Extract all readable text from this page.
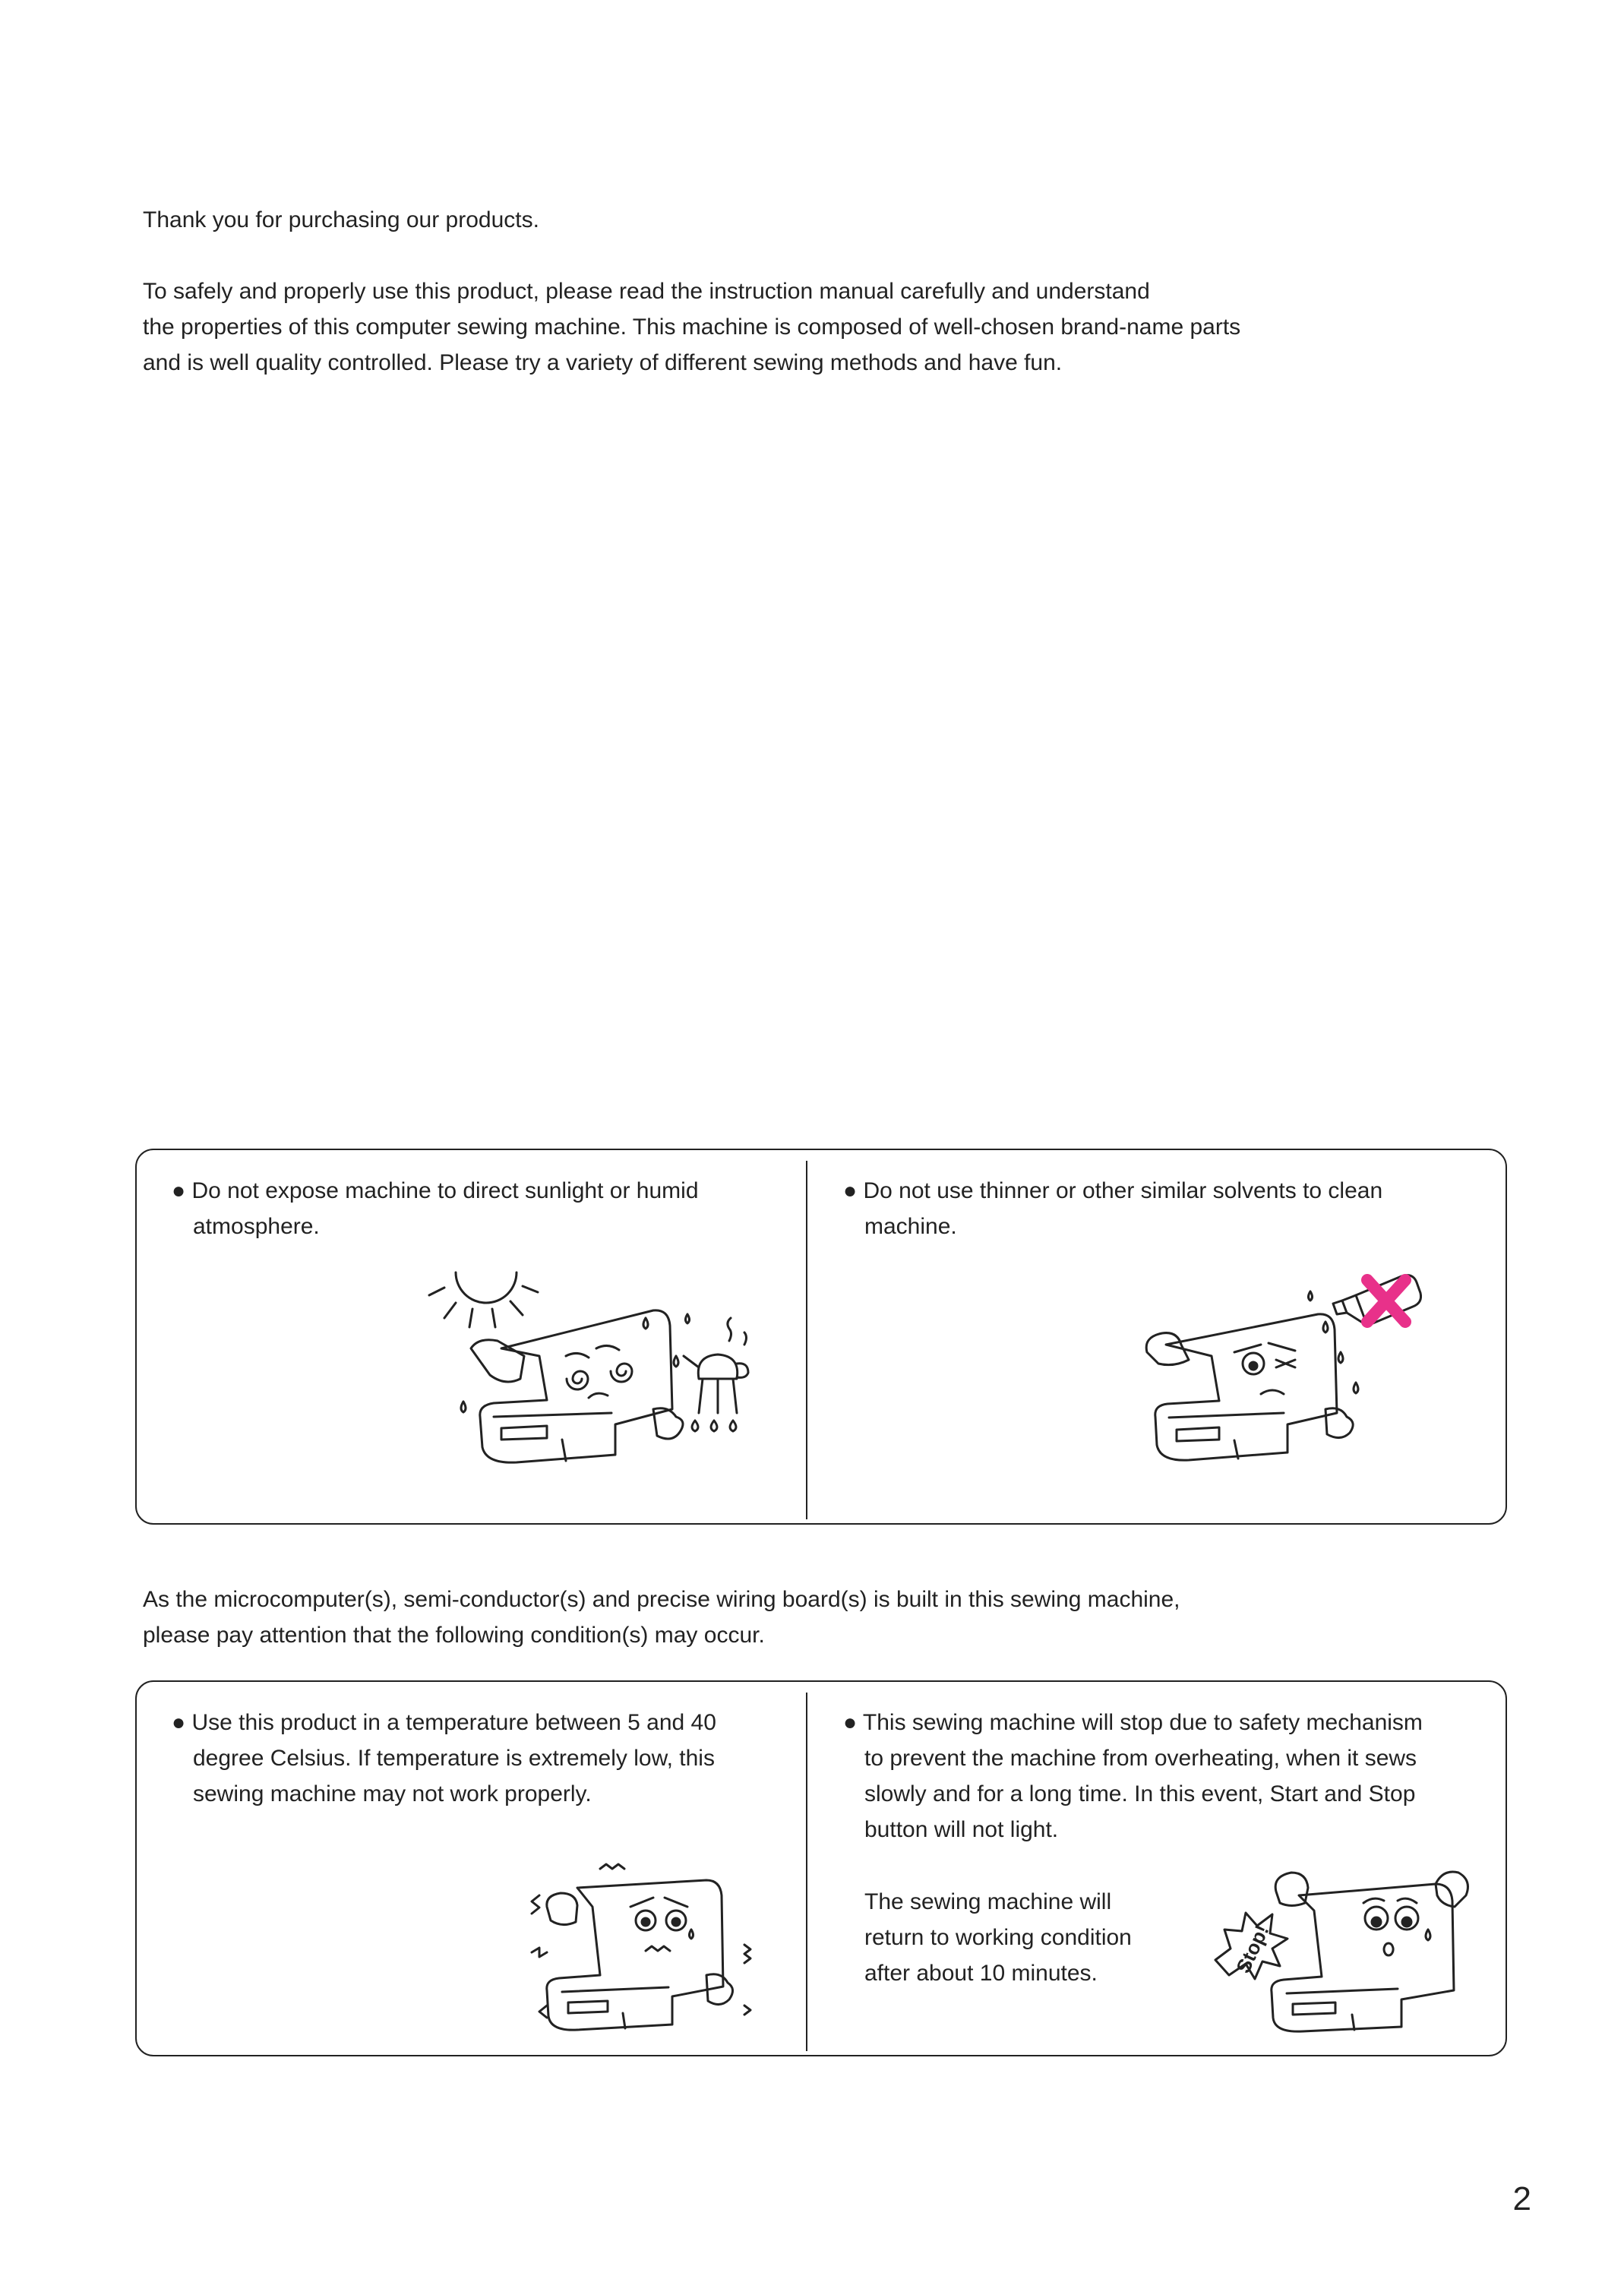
Thank you for purchasing our products.

To safely and properly use this product, please read the instruction manual carefully and understand
the properties of this computer sewing machine. This machine is composed of well-chosen brand-name parts
and is well quality controlled. Please try a variety of different sewing methods and have fun.
● Do not expose machine to direct sunlight or humid
atmosphere.
● Do not use thinner or other similar solvents to clean
machine.
As the microcomputer(s), semi-conductor(s) and precise wiring board(s) is built in this sewing machine,
please pay attention that the following condition(s) may occur.
● Use this product in a temperature between 5 and 40
degree Celsius. If temperature is extremely low, this
sewing machine may not work properly.
● This sewing machine will stop due to safety mechanism
to prevent the machine from overheating, when it sews
slowly and for a long time. In this event, Start and Stop
button will not light.
The sewing machine will
return to working condition
after about 10 minutes.	Stop!
2
